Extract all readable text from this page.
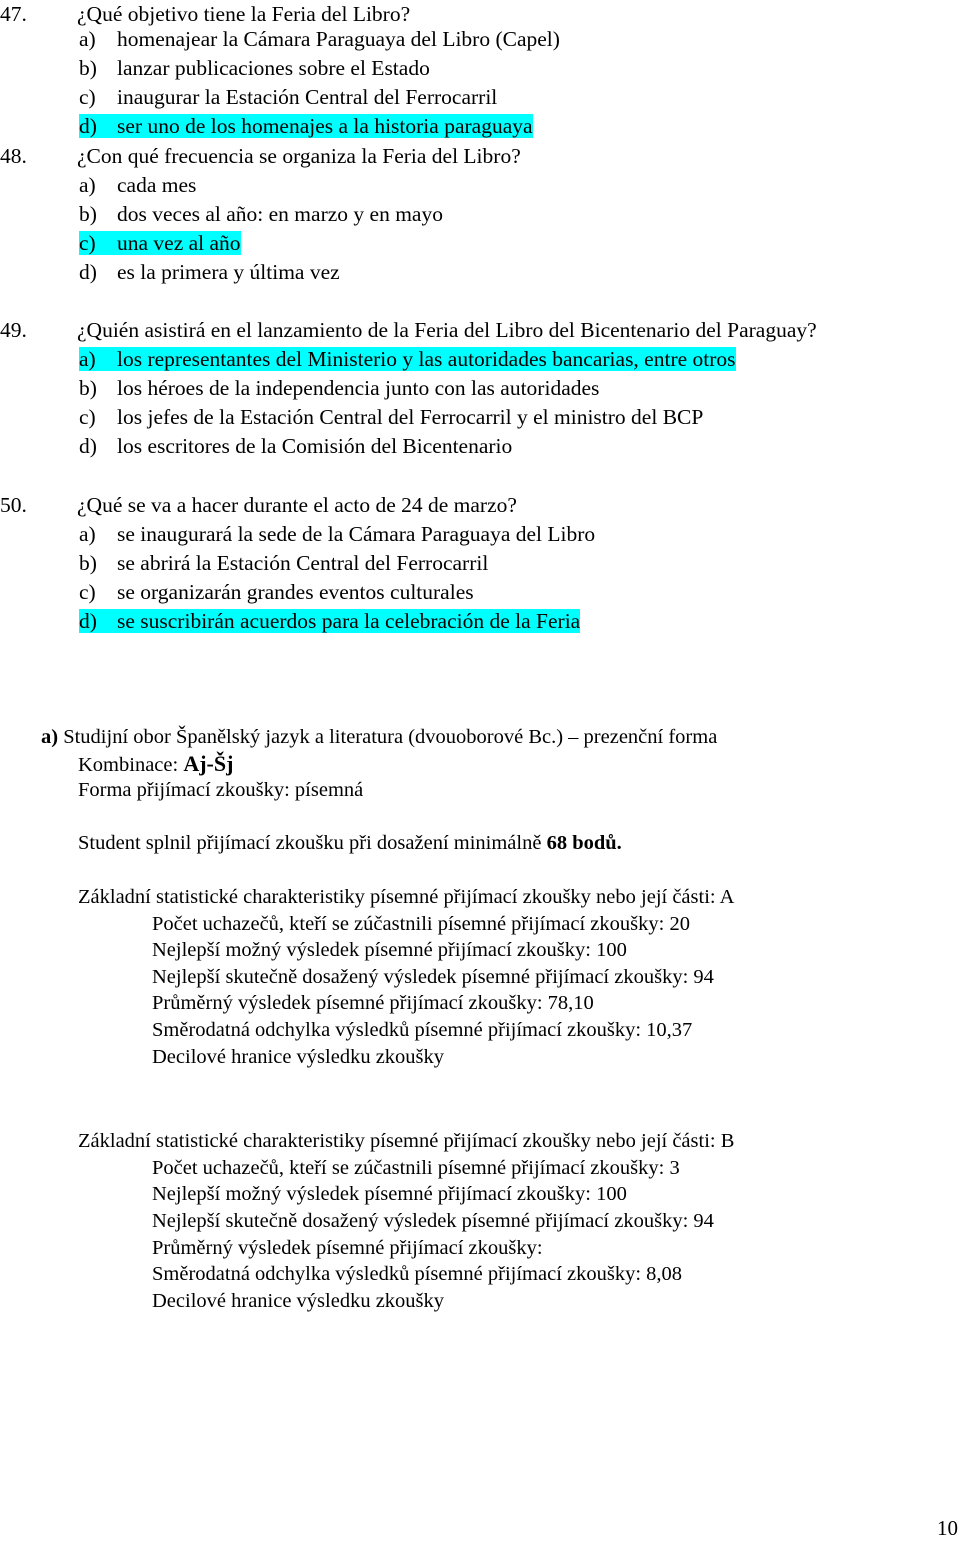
47. ¿Qué objetivo tiene la Feria del Libro?
a) homenajear la Cámara Paraguaya del Libro (Capel)
b) lanzar publicaciones sobre el Estado
c) inaugurar la Estación Central del Ferrocarril
d) ser uno de los homenajes a la historia paraguaya
48. ¿Con qué frecuencia se organiza la Feria del Libro?
a) cada mes
b) dos veces al año: en marzo y en mayo
c) una vez al año
d) es la primera y última vez
49. ¿Quién asistirá en el lanzamiento de la Feria del Libro del Bicentenario del Paraguay?
a) los representantes del Ministerio y las autoridades bancarias, entre otros
b) los héroes de la independencia junto con las autoridades
c) los jefes de la Estación Central del Ferrocarril y el ministro del BCP
d) los escritores de la Comisión del Bicentenario
50. ¿Qué se va a hacer durante el acto de 24 de marzo?
a) se inaugurará la sede de la Cámara Paraguaya del Libro
b) se abrirá la Estación Central del Ferrocarril
c) se organizarán grandes eventos culturales
d) se suscribirán acuerdos para la celebración de la Feria
a) Studijní obor Španělský jazyk a literatura (dvouoborové Bc.) – prezenční forma
Kombinace: Aj-Šj
Forma přijímací zkoušky: písemná
Student splnil přijímací zkoušku při dosažení minimálně 68 bodů.
Základní statistické charakteristiky písemné přijímací zkoušky nebo její části: A
Počet uchazečů, kteří se zúčastnili písemné přijímací zkoušky: 20
Nejlepší možný výsledek písemné přijímací zkoušky: 100
Nejlepší skutečně dosažený výsledek písemné přijímací zkoušky: 94
Průměrný výsledek písemné přijímací zkoušky: 78,10
Směrodatná odchylka výsledků písemné přijímací zkoušky: 10,37
Decilové hranice výsledku zkoušky
Základní statistické charakteristiky písemné přijímací zkoušky nebo její části: B
Počet uchazečů, kteří se zúčastnili písemné přijímací zkoušky: 3
Nejlepší možný výsledek písemné přijímací zkoušky: 100
Nejlepší skutečně dosažený výsledek písemné přijímací zkoušky: 94
Průměrný výsledek písemné přijímací zkoušky:
Směrodatná odchylka výsledků písemné přijímací zkoušky: 8,08
Decilové hranice výsledku zkoušky
10
